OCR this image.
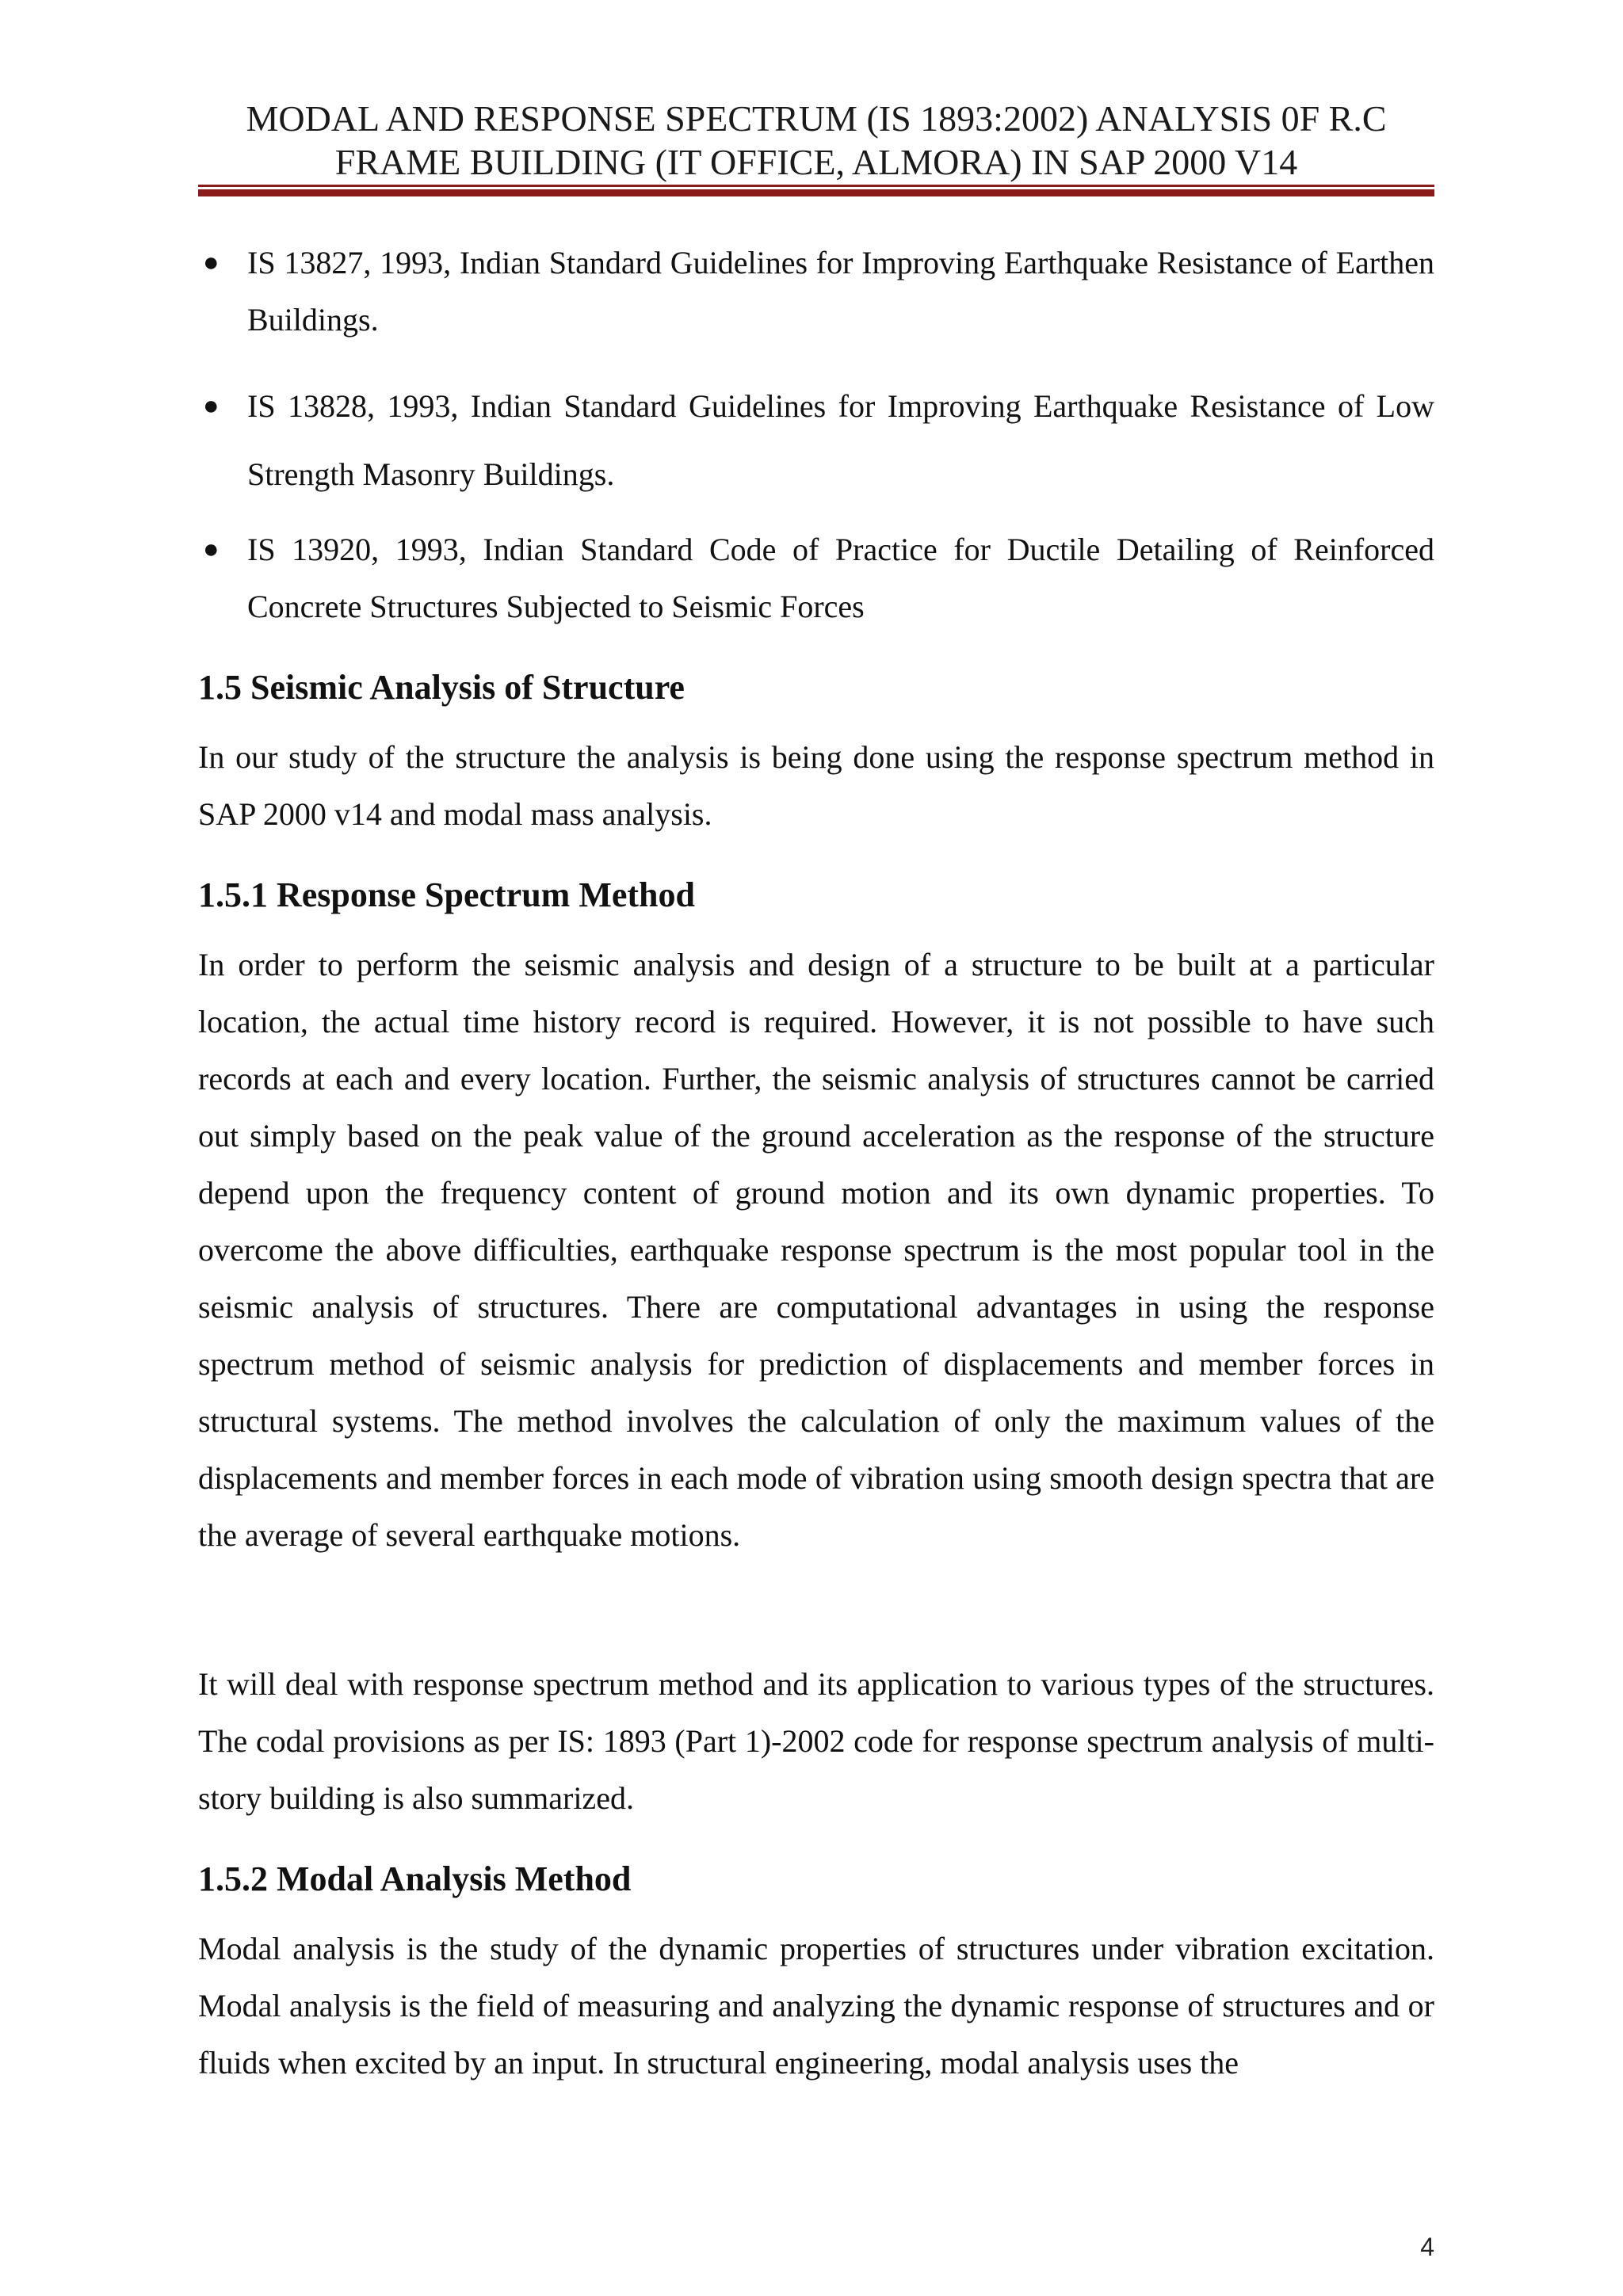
MODAL AND RESPONSE SPECTRUM (IS 1893:2002) ANALYSIS 0F R.C
FRAME BUILDING (IT OFFICE, ALMORA) IN SAP 2000 V14
● IS 13827, 1993, Indian Standard Guidelines for Improving Earthquake Resistance of Earthen Buildings.
● IS 13828, 1993, Indian Standard Guidelines for Improving Earthquake Resistance of Low Strength Masonry Buildings.
● IS 13920, 1993, Indian Standard Code of Practice for Ductile Detailing of Reinforced Concrete Structures Subjected to Seismic Forces
1.5 Seismic Analysis of Structure

In our study of the structure the analysis is being done using the response spectrum method in SAP 2000 v14 and modal mass analysis.

1.5.1 Response Spectrum Method

In order to perform the seismic analysis and design of a structure to be built at a particular location, the actual time history record is required. However, it is not possible to have such records at each and every location. Further, the seismic analysis of structures cannot be carried out simply based on the peak value of the ground acceleration as the response of the structure depend upon the frequency content of ground motion and its own dynamic properties. To overcome the above difficulties, earthquake response spectrum is the most popular tool in the seismic analysis of structures. There are computational advantages in using the response spectrum method of seismic analysis for prediction of displacements and member forces in structural systems. The method involves the calculation of only the maximum values of the displacements and member forces in each mode of vibration using smooth design spectra that are the average of several earthquake motions.

It will deal with response spectrum method and its application to various types of the structures. The codal provisions as per IS: 1893 (Part 1)-2002 code for response spectrum analysis of multi-story building is also summarized.

1.5.2 Modal Analysis Method

Modal analysis is the study of the dynamic properties of structures under vibration excitation. Modal analysis is the field of measuring and analyzing the dynamic response of structures and or fluids when excited by an input. In structural engineering, modal analysis uses the

4
